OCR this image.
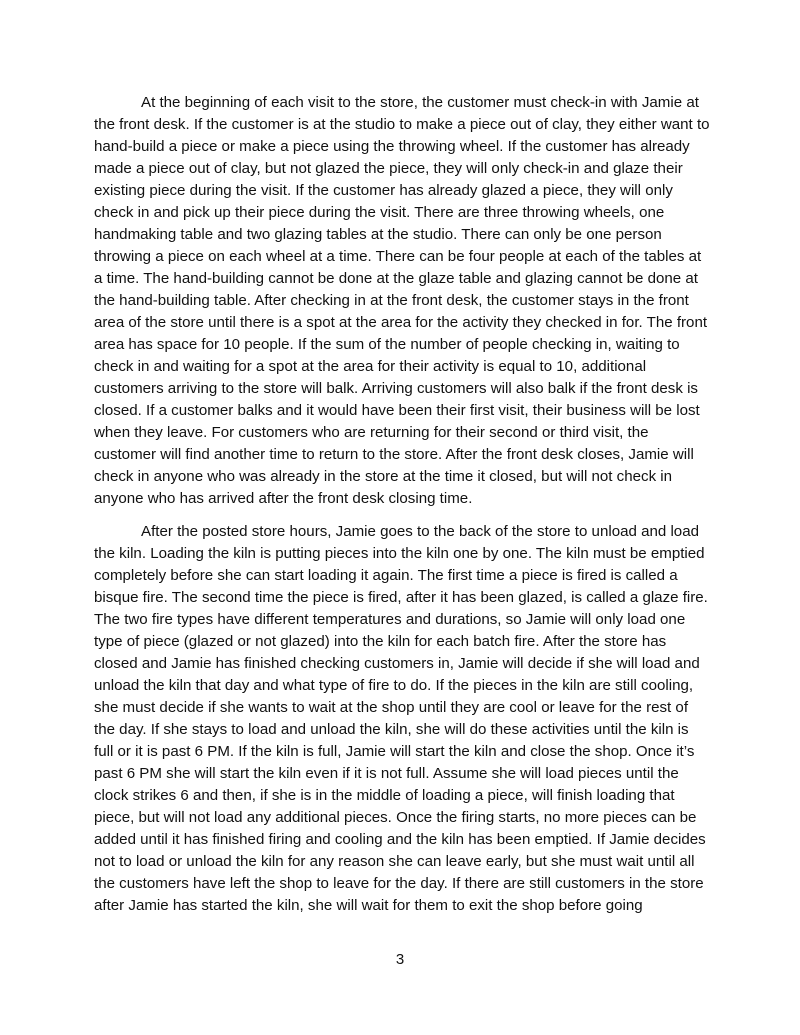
At the beginning of each visit to the store, the customer must check-in with Jamie at the front desk. If the customer is at the studio to make a piece out of clay, they either want to hand-build a piece or make a piece using the throwing wheel. If the customer has already made a piece out of clay, but not glazed the piece, they will only check-in and glaze their existing piece during the visit. If the customer has already glazed a piece, they will only check in and pick up their piece during the visit. There are three throwing wheels, one handmaking table and two glazing tables at the studio. There can only be one person throwing a piece on each wheel at a time. There can be four people at each of the tables at a time. The hand-building cannot be done at the glaze table and glazing cannot be done at the hand-building table. After checking in at the front desk, the customer stays in the front area of the store until there is a spot at the area for the activity they checked in for. The front area has space for 10 people. If the sum of the number of people checking in, waiting to check in and waiting for a spot at the area for their activity is equal to 10, additional customers arriving to the store will balk. Arriving customers will also balk if the front desk is closed. If a customer balks and it would have been their first visit, their business will be lost when they leave. For customers who are returning for their second or third visit, the customer will find another time to return to the store. After the front desk closes, Jamie will check in anyone who was already in the store at the time it closed, but will not check in anyone who has arrived after the front desk closing time.

After the posted store hours, Jamie goes to the back of the store to unload and load the kiln. Loading the kiln is putting pieces into the kiln one by one. The kiln must be emptied completely before she can start loading it again. The first time a piece is fired is called a bisque fire. The second time the piece is fired, after it has been glazed, is called a glaze fire. The two fire types have different temperatures and durations, so Jamie will only load one type of piece (glazed or not glazed) into the kiln for each batch fire. After the store has closed and Jamie has finished checking customers in, Jamie will decide if she will load and unload the kiln that day and what type of fire to do. If the pieces in the kiln are still cooling, she must decide if she wants to wait at the shop until they are cool or leave for the rest of the day. If she stays to load and unload the kiln, she will do these activities until the kiln is full or it is past 6 PM. If the kiln is full, Jamie will start the kiln and close the shop. Once it’s past 6 PM she will start the kiln even if it is not full. Assume she will load pieces until the clock strikes 6 and then, if she is in the middle of loading a piece, will finish loading that piece, but will not load any additional pieces. Once the firing starts, no more pieces can be added until it has finished firing and cooling and the kiln has been emptied. If Jamie decides not to load or unload the kiln for any reason she can leave early, but she must wait until all the customers have left the shop to leave for the day. If there are still customers in the store after Jamie has started the kiln, she will wait for them to exit the shop before going

3
